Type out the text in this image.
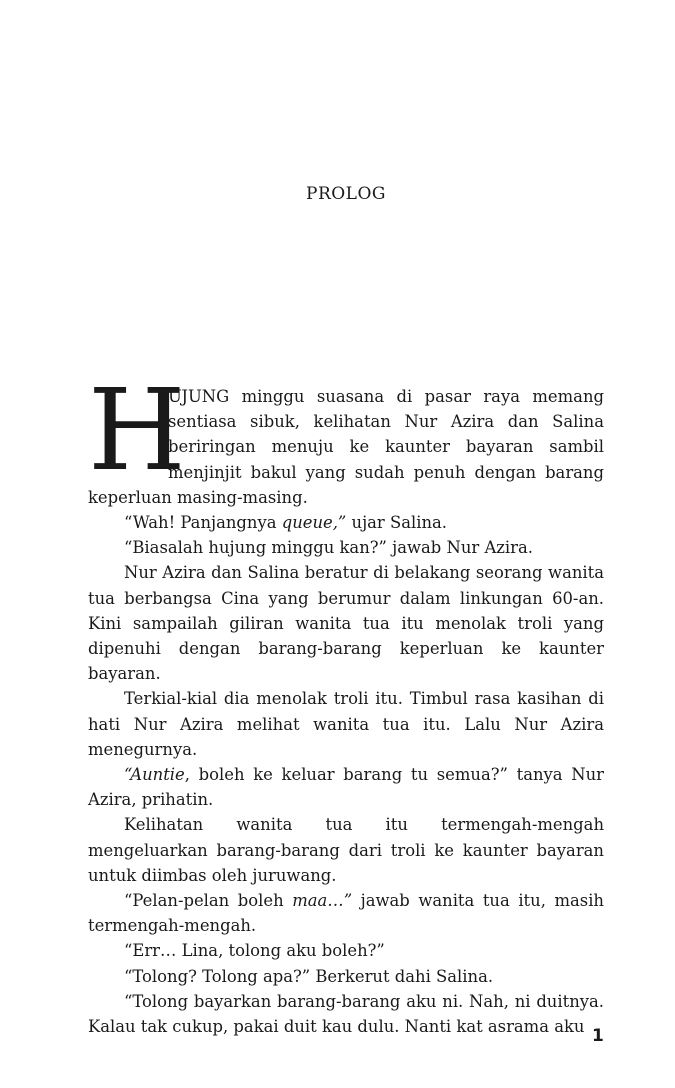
PROLOG

H
UJUNG minggu suasana di pasar raya memang sentiasa sibuk, kelihatan Nur Azira dan Salina beriringan menuju ke kaunter bayaran sambil menjinjit bakul yang sudah penuh dengan barang keperluan masing-masing.

“Wah! Panjangnya queue,” ujar Salina.

“Biasalah hujung minggu kan?” jawab Nur Azira.

Nur Azira dan Salina beratur di belakang seorang wanita tua berbangsa Cina yang berumur dalam linkungan 60-an. Kini sampailah giliran wanita tua itu menolak troli yang dipenuhi dengan barang-barang keperluan ke kaunter bayaran.

Terkial-kial dia menolak troli itu. Timbul rasa kasihan di hati Nur Azira melihat wanita tua itu. Lalu Nur Azira menegurnya.

“Auntie, boleh ke keluar barang tu semua?” tanya Nur Azira, prihatin.

Kelihatan wanita tua itu termengah-mengah mengeluarkan barang-barang dari troli ke kaunter bayaran untuk diimbas oleh juruwang.

“Pelan-pelan boleh maa…” jawab wanita tua itu, masih termengah-mengah.

“Err… Lina, tolong aku boleh?”

“Tolong? Tolong apa?” Berkerut dahi Salina.

“Tolong bayarkan barang-barang aku ni. Nah, ni duitnya. Kalau tak cukup, pakai duit kau dulu. Nanti kat asrama aku 1
